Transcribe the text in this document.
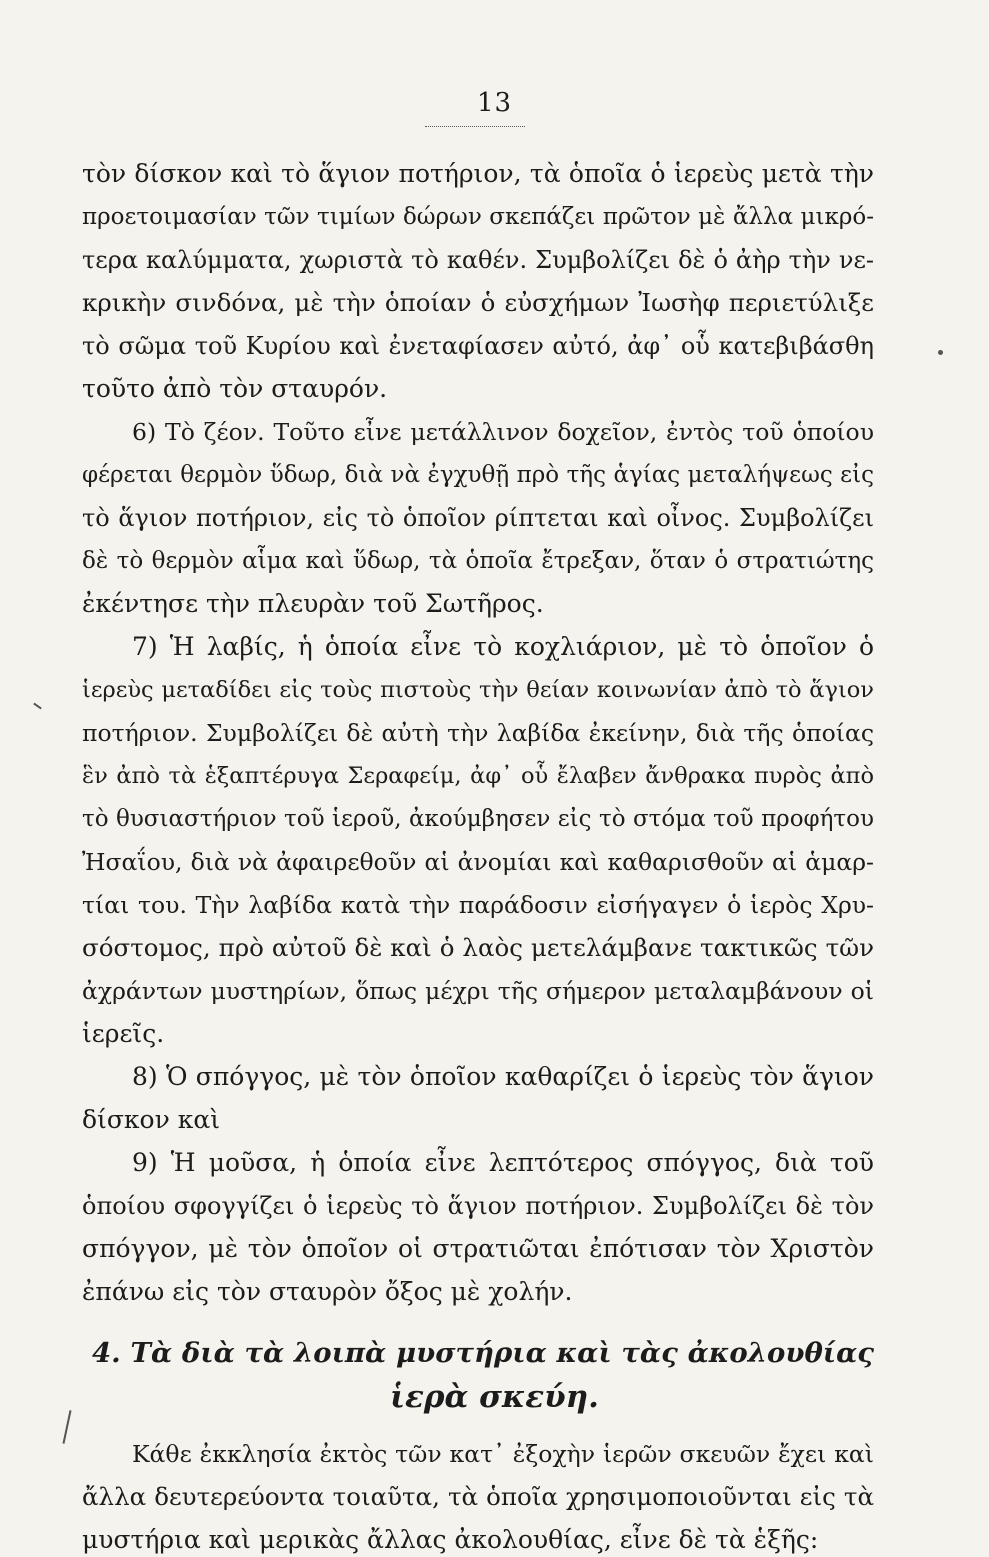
13
τὸν δίσκον καὶ τὸ ἅγιον ποτήριον, τὰ ὁποῖα ὁ ἱερεὺς μετὰ τὴν
προετοιμασίαν τῶν τιμίων δώρων σκεπάζει πρῶτον μὲ ἄλλα μικρό-
τερα καλύμματα, χωριστὰ τὸ καθέν. Συμβολίζει δὲ ὁ ἀὴρ τὴν νε-
κρικὴν σινδόνα, μὲ τὴν ὁποίαν ὁ εὐσχήμων Ἰωσὴφ περιετύλιξε
τὸ σῶμα τοῦ Κυρίου καὶ ἐνεταφίασεν αὐτό, ἀφ᾽ οὗ κατεβιβάσθη
τοῦτο ἀπὸ τὸν σταυρόν.
6) Τὸ ζέον. Τοῦτο εἶνε μετάλλινον δοχεῖον, ἐντὸς τοῦ ὁποίου
φέρεται θερμὸν ὕδωρ, διὰ νὰ ἐγχυθῇ πρὸ τῆς ἁγίας μεταλήψεως εἰς
τὸ ἅγιον ποτήριον, εἰς τὸ ὁποῖον ρίπτεται καὶ οἶνος. Συμβολίζει
δὲ τὸ θερμὸν αἷμα καὶ ὕδωρ, τὰ ὁποῖα ἔτρεξαν, ὅταν ὁ στρατιώτης
ἐκέντησε τὴν πλευρὰν τοῦ Σωτῆρος.
7) Ἡ λαβίς, ἡ ὁποία εἶνε τὸ κοχλιάριον, μὲ τὸ ὁποῖον ὁ
ἱερεὺς μεταδίδει εἰς τοὺς πιστοὺς τὴν θείαν κοινωνίαν ἀπὸ τὸ ἅγιον
ποτήριον. Συμβολίζει δὲ αὐτὴ τὴν λαβίδα ἐκείνην, διὰ τῆς ὁποίας
ἓν ἀπὸ τὰ ἑξαπτέρυγα Σεραφείμ, ἀφ᾽ οὗ ἔλαβεν ἄνθρακα πυρὸς ἀπὸ
τὸ θυσιαστήριον τοῦ ἱεροῦ, ἀκούμβησεν εἰς τὸ στόμα τοῦ προφήτου
Ἠσαΐου, διὰ νὰ ἀφαιρεθοῦν αἱ ἀνομίαι καὶ καθαρισθοῦν αἱ ἁμαρ-
τίαι του. Τὴν λαβίδα κατὰ τὴν παράδοσιν εἰσήγαγεν ὁ ἱερὸς Χρυ-
σόστομος, πρὸ αὐτοῦ δὲ καὶ ὁ λαὸς μετελάμβανε τακτικῶς τῶν
ἀχράντων μυστηρίων, ὅπως μέχρι τῆς σήμερον μεταλαμβάνουν οἱ
ἱερεῖς.
8) Ὁ σπόγγος, μὲ τὸν ὁποῖον καθαρίζει ὁ ἱερεὺς τὸν ἅγιον
δίσκον καὶ
9) Ἡ μοῦσα, ἡ ὁποία εἶνε λεπτότερος σπόγγος, διὰ τοῦ
ὁποίου σφογγίζει ὁ ἱερεὺς τὸ ἅγιον ποτήριον. Συμβολίζει δὲ τὸν
σπόγγον, μὲ τὸν ὁποῖον οἱ στρατιῶται ἐπότισαν τὸν Χριστὸν
ἐπάνω εἰς τὸν σταυρὸν ὄξος μὲ χολήν.
4. Τὰ διὰ τὰ λοιπὰ μυστήρια καὶ τὰς ἀκολουθίας
ἱερὰ σκεύη.
Κάθε ἐκκλησία ἐκτὸς τῶν κατ᾽ ἐξοχὴν ἱερῶν σκευῶν ἔχει καὶ
ἄλλα δευτερεύοντα τοιαῦτα, τὰ ὁποῖα χρησιμοποιοῦνται εἰς τὰ
μυστήρια καὶ μερικὰς ἄλλας ἀκολουθίας, εἶνε δὲ τὰ ἑξῆς:
